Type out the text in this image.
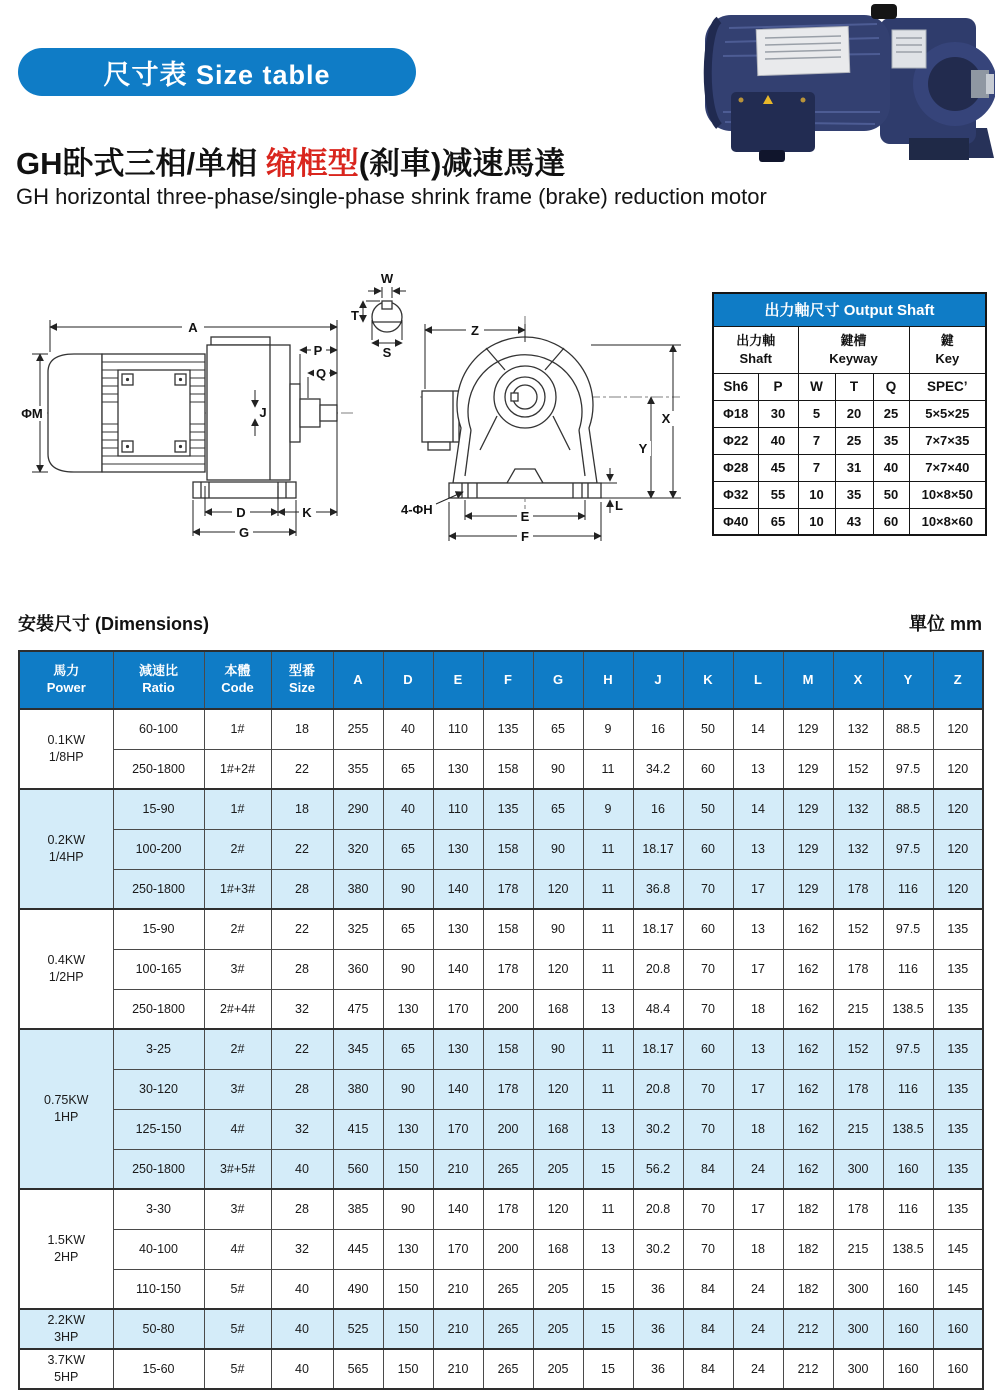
尺寸表 Size table
GH卧式三相/单相 缩框型(刹車)减速馬達
GH horizontal three-phase/single-phase shrink frame (brake) reduction motor
A
ΦM
P
Q
J
D	K
G
W
T
S
Z
X
Y
L
4-ΦH	E
F
出力軸尺寸 Output Shaft					

出力軸
Shaft

鍵槽
Keyway

鍵
Key

Sh6	P	W	T	Q	SPEC’
Φ18	30	5	20	25	5×5×25
Φ22	40	7	25	35	7×7×35
Φ28	45	7	31	40	7×7×40
Φ32	55	10	35	50	10×8×50
Φ40	65	10	43	60	10×8×60
安裝尺寸 (Dimensions)	單位 mm
馬力
Power

減速比
Ratio

本體
Code

型番
Size
	A	D	E	F	G	H	J	K	L	M	X	Y	Z

0.1KW
1/8HP	60-100	1#	18	255	40	110	135	65	9	16	50	14	129	132	88.5	120
	250-1800	1#+2#	22	355	65	130	158	90	11	34.2	60	13	129	152	97.5	120

0.2KW
1/4HP	15-90	1#	18	290	40	110	135	65	9	16	50	14	129	132	88.5	120
	100-200	2#	22	320	65	130	158	90	11	18.17	60	13	129	132	97.5	120
	250-1800	1#+3#	28	380	90	140	178	120	11	36.8	70	17	129	178	116	120

0.4KW
1/2HP	15-90	2#	22	325	65	130	158	90	11	18.17	60	13	162	152	97.5	135
	100-165	3#	28	360	90	140	178	120	11	20.8	70	17	162	178	116	135
	250-1800	2#+4#	32	475	130	170	200	168	13	48.4	70	18	162	215	138.5	135

0.75KW
1HP	3-25	2#	22	345	65	130	158	90	11	18.17	60	13	162	152	97.5	135
	30-120	3#	28	380	90	140	178	120	11	20.8	70	17	162	178	116	135
	125-150	4#	32	415	130	170	200	168	13	30.2	70	18	162	215	138.5	135
	250-1800	3#+5#	40	560	150	210	265	205	15	56.2	84	24	162	300	160	135

1.5KW
2HP	3-30	3#	28	385	90	140	178	120	11	20.8	70	17	182	178	116	135
	40-100	4#	32	445	130	170	200	168	13	30.2	70	18	182	215	138.5	145
	110-150	5#	40	490	150	210	265	205	15	36	84	24	182	300	160	145

2.2KW
3HP	50-80	5#	40	525	150	210	265	205	15	36	84	24	212	300	160	160

3.7KW
5HP	15-60	5#	40	565	150	210	265	205	15	36	84	24	212	300	160	160
